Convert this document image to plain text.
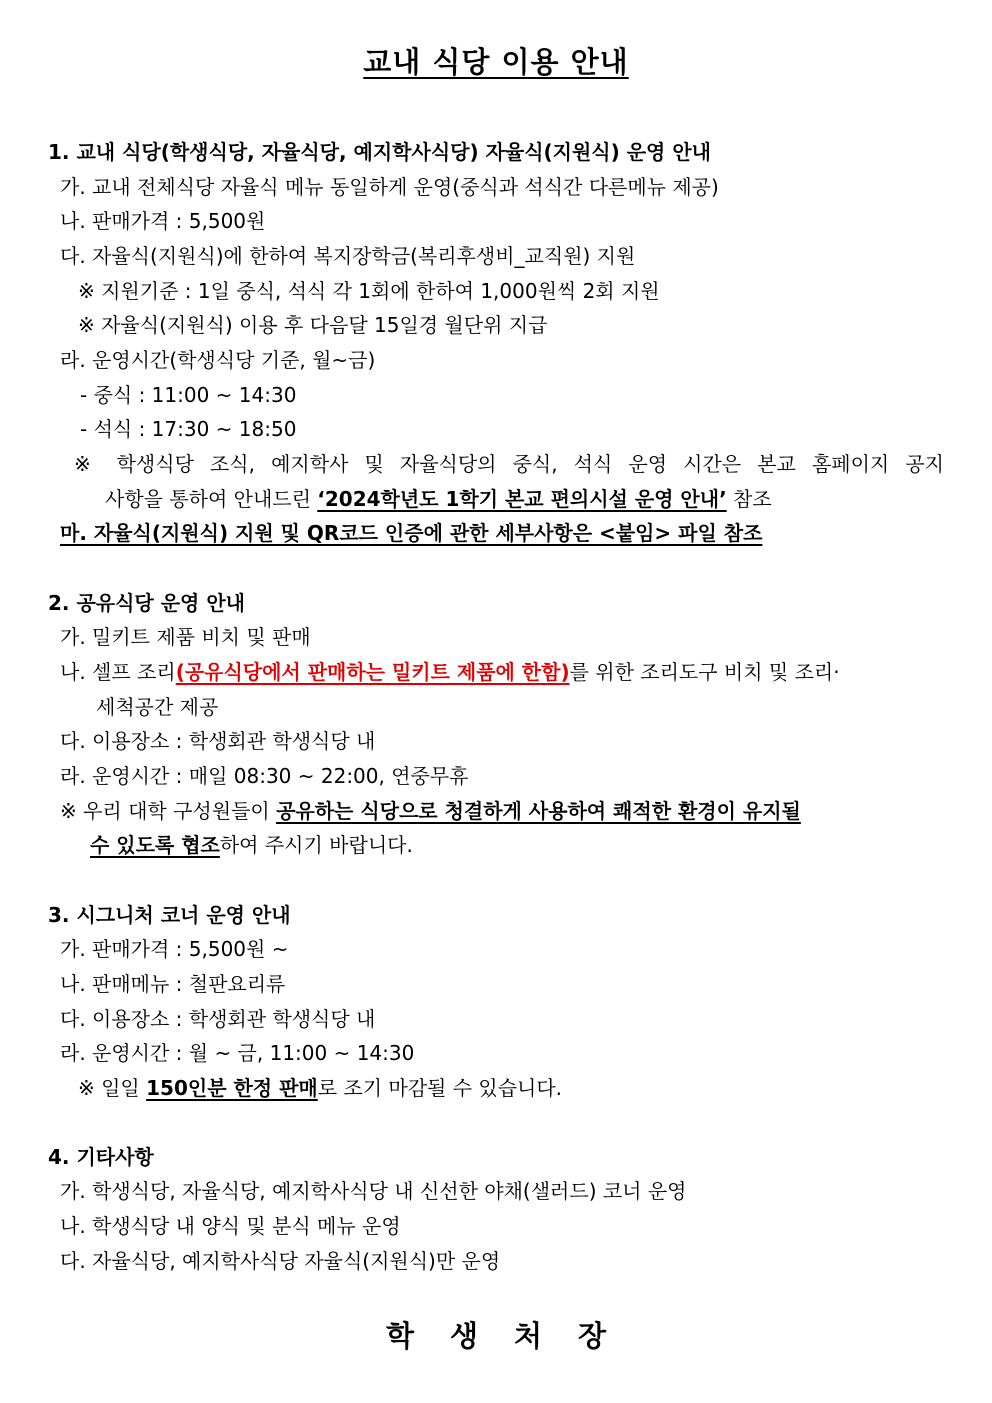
교내 식당 이용 안내
1. 교내 식당(학생식당, 자율식당, 예지학사식당) 자율식(지원식) 운영 안내
가. 교내 전체식당 자율식 메뉴 동일하게 운영(중식과 석식간 다른메뉴 제공)
나. 판매가격 : 5,500원
다. 자율식(지원식)에 한하여 복지장학금(복리후생비_교직원) 지원
※ 지원기준 : 1일 중식, 석식 각 1회에 한하여 1,000원씩 2회 지원
※ 자율식(지원식) 이용 후 다음달 15일경 월단위 지급
라. 운영시간(학생식당 기준, 월~금)
- 중식 : 11:00 ~ 14:30
- 석식 : 17:30 ~ 18:50
※ 학생식당 조식, 예지학사 및 자율식당의 중식, 석식 운영 시간은 본교 홈페이지 공지
사항을 통하여 안내드린 ‘2024학년도 1학기 본교 편의시설 운영 안내’ 참조
마. 자율식(지원식) 지원 및 QR코드 인증에 관한 세부사항은 <붙임> 파일 참조
2. 공유식당 운영 안내
가. 밀키트 제품 비치 및 판매
나. 셀프 조리(공유식당에서 판매하는 밀키트 제품에 한함)를 위한 조리도구 비치 및 조리·
세척공간 제공
다. 이용장소 : 학생회관 학생식당 내
라. 운영시간 : 매일 08:30 ~ 22:00, 연중무휴
※ 우리 대학 구성원들이 공유하는 식당으로 청결하게 사용하여 쾌적한 환경이 유지될
수 있도록 협조하여 주시기 바랍니다.
3. 시그니처 코너 운영 안내
가. 판매가격 : 5,500원 ~
나. 판매메뉴 : 철판요리류
다. 이용장소 : 학생회관 학생식당 내
라. 운영시간 : 월 ~ 금, 11:00 ~ 14:30
※ 일일 150인분 한정 판매로 조기 마감될 수 있습니다.
4. 기타사항
가. 학생식당, 자율식당, 예지학사식당 내 신선한 야채(샐러드) 코너 운영
나. 학생식당 내 양식 및 분식 메뉴 운영
다. 자율식당, 예지학사식당 자율식(지원식)만 운영
학생처장
